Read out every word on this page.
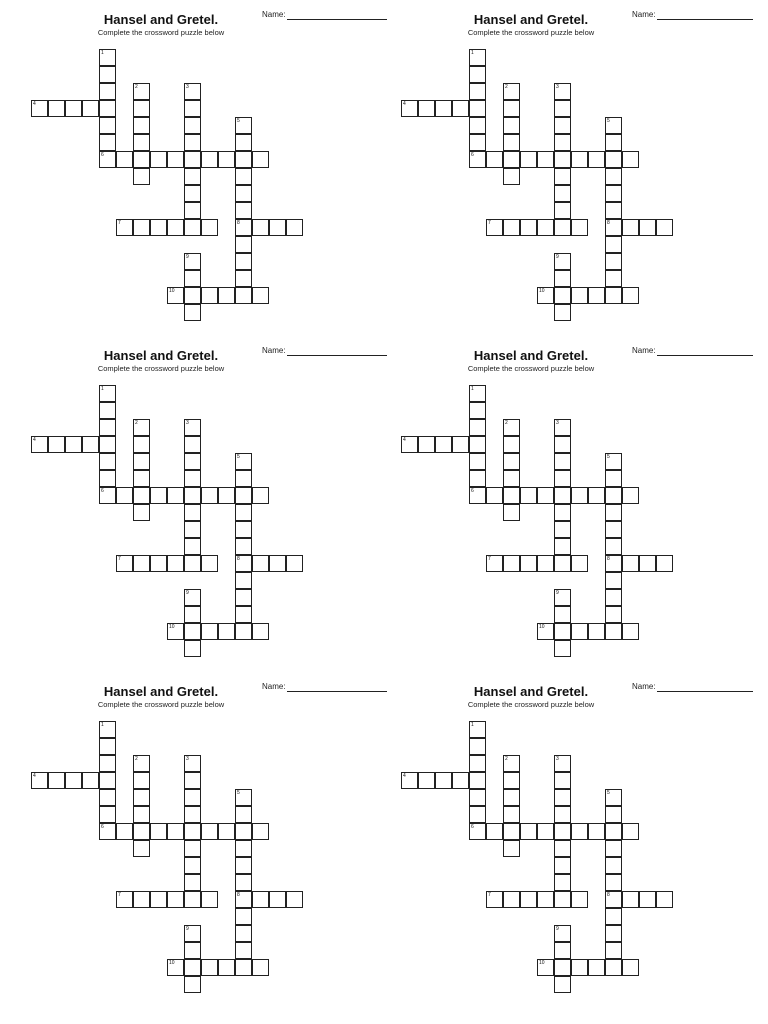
Hansel and Gretel.

Complete the crossword puzzle below

Name:
1
6
2	3
4
5
8
7
9
10
Hansel and Gretel.

Complete the crossword puzzle below

Name:
1
6
2	3
4
5
8
7
9
10
Hansel and Gretel.

Complete the crossword puzzle below

Name:
1
6
2	3
4
5
8
7
9
10
Hansel and Gretel.

Complete the crossword puzzle below

Name:
1
6
2	3
4
5
8
7
9
10
Hansel and Gretel.

Complete the crossword puzzle below

Name:
1
6
2	3
4
5
8
7
9
10
Hansel and Gretel.

Complete the crossword puzzle below

Name:
1
6
2	3
4
5
8
7
9
10
